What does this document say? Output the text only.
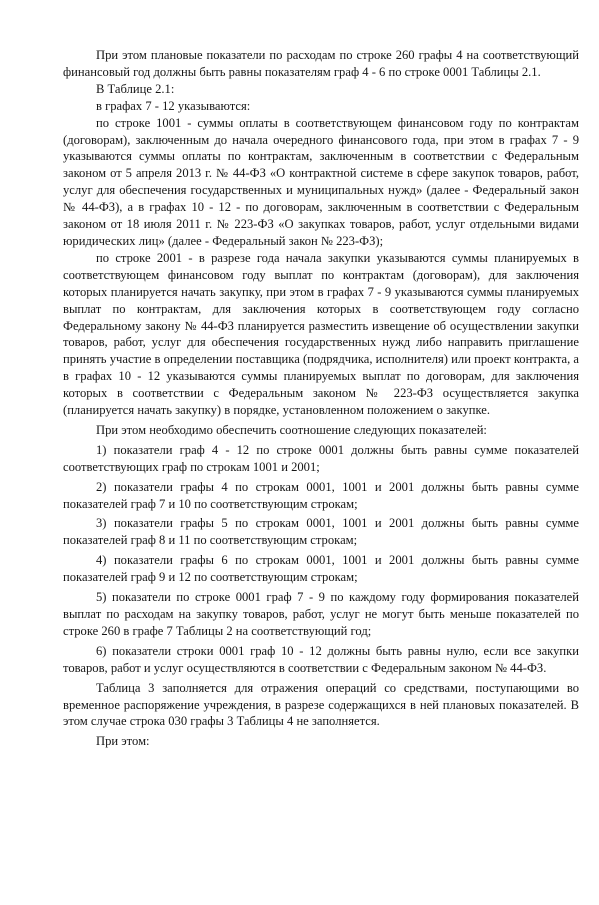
При этом плановые показатели по расходам по строке 260 графы 4 на соответствующий финансовый год должны быть равны показателям граф 4 - 6 по строке 0001 Таблицы 2.1.

В Таблице 2.1:

в графах 7 - 12 указываются:

по строке 1001 - суммы оплаты в соответствующем финансовом году по контрактам (договорам), заключенным до начала очередного финансового года, при этом в графах 7 - 9 указываются суммы оплаты по контрактам, заключенным в соответствии с Федеральным законом от 5 апреля 2013 г. № 44-ФЗ «О контрактной системе в сфере закупок товаров, работ, услуг для обеспечения государственных и муниципальных нужд» (далее - Федеральный закон № 44-ФЗ), а в графах 10 - 12 - по договорам, заключенным в соответствии с Федеральным законом от 18 июля 2011 г. № 223-ФЗ «О закупках товаров, работ, услуг отдельными видами юридических лиц» (далее - Федеральный закон № 223-ФЗ);

по строке 2001 - в разрезе года начала закупки указываются суммы планируемых в соответствующем финансовом году выплат по контрактам (договорам), для заключения которых планируется начать закупку, при этом в графах 7 - 9 указываются суммы планируемых выплат по контрактам, для заключения которых в соответствующем году согласно Федеральному закону № 44-ФЗ планируется разместить извещение об осуществлении закупки товаров, работ, услуг для обеспечения государственных нужд либо направить приглашение принять участие в определении поставщика (подрядчика, исполнителя) или проект контракта, а в графах 10 - 12 указываются суммы планируемых выплат по договорам, для заключения которых в соответствии с Федеральным законом № 223-ФЗ осуществляется закупка (планируется начать закупку) в порядке, установленном положением о закупке.

При этом необходимо обеспечить соотношение следующих показателей:

1) показатели граф 4 - 12 по строке 0001 должны быть равны сумме показателей соответствующих граф по строкам 1001 и 2001;

2) показатели графы 4 по строкам 0001, 1001 и 2001 должны быть равны сумме показателей граф 7 и 10 по соответствующим строкам;

3) показатели графы 5 по строкам 0001, 1001 и 2001 должны быть равны сумме показателей граф 8 и 11 по соответствующим строкам;

4) показатели графы 6 по строкам 0001, 1001 и 2001 должны быть равны сумме показателей граф 9 и 12 по соответствующим строкам;

5) показатели по строке 0001 граф 7 - 9 по каждому году формирования показателей выплат по расходам на закупку товаров, работ, услуг не могут быть меньше показателей по строке 260 в графе 7 Таблицы 2 на соответствующий год;

6) показатели строки 0001 граф 10 - 12 должны быть равны нулю, если все закупки товаров, работ и услуг осуществляются в соответствии с Федеральным законом № 44-ФЗ.

Таблица 3 заполняется для отражения операций со средствами, поступающими во временное распоряжение учреждения, в разрезе содержащихся в ней плановых показателей. В этом случае строка 030 графы 3 Таблицы 4 не заполняется.

При этом:
